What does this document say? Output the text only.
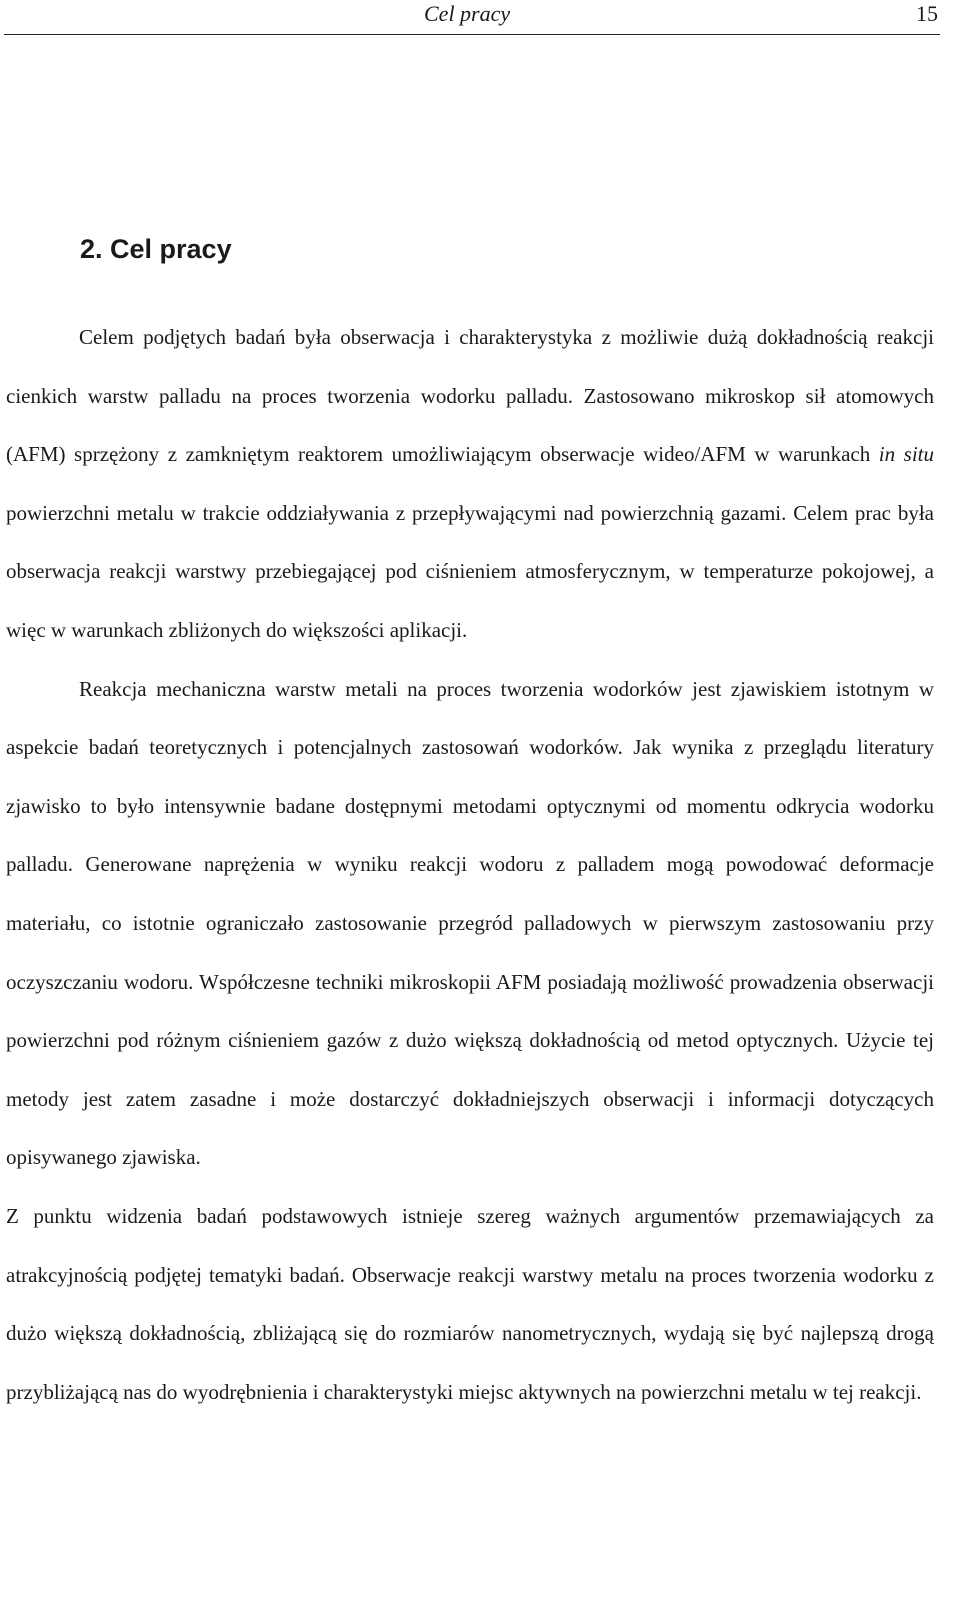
Cel pracy	15
2. Cel pracy

Celem podjętych badań była obserwacja i charakterystyka z możliwie dużą dokładnością reakcji cienkich warstw palladu na proces tworzenia wodorku palladu. Zastosowano mikroskop sił atomowych (AFM) sprzężony z zamkniętym reaktorem umożliwiającym obserwacje wideo/AFM w warunkach in situ powierzchni metalu w trakcie oddziaływania z przepływającymi nad powierzchnią gazami. Celem prac była obserwacja reakcji warstwy przebiegającej pod ciśnieniem atmosferycznym, w temperaturze pokojowej, a więc w warunkach zbliżonych do większości aplikacji.

Reakcja mechaniczna warstw metali na proces tworzenia wodorków jest zjawiskiem istotnym w aspekcie badań teoretycznych i potencjalnych zastosowań wodorków. Jak wynika z przeglądu literatury zjawisko to było intensywnie badane dostępnymi metodami optycznymi od momentu odkrycia wodorku palladu. Generowane naprężenia w wyniku reakcji wodoru z palladem mogą powodować deformacje materiału, co istotnie ograniczało zastosowanie przegród palladowych w pierwszym zastosowaniu przy oczyszczaniu wodoru. Współczesne techniki mikroskopii AFM posiadają możliwość prowadzenia obserwacji powierzchni pod różnym ciśnieniem gazów z dużo większą dokładnością od metod optycznych. Użycie tej metody jest zatem zasadne i może dostarczyć dokładniejszych obserwacji i informacji dotyczących opisywanego zjawiska.

Z punktu widzenia badań podstawowych istnieje szereg ważnych argumentów przemawiających za atrakcyjnością podjętej tematyki badań. Obserwacje reakcji warstwy metalu na proces tworzenia wodorku z dużo większą dokładnością, zbliżającą się do rozmiarów nanometrycznych, wydają się być najlepszą drogą przybliżającą nas do wyodrębnienia i charakterystyki miejsc aktywnych na powierzchni metalu w tej reakcji.
